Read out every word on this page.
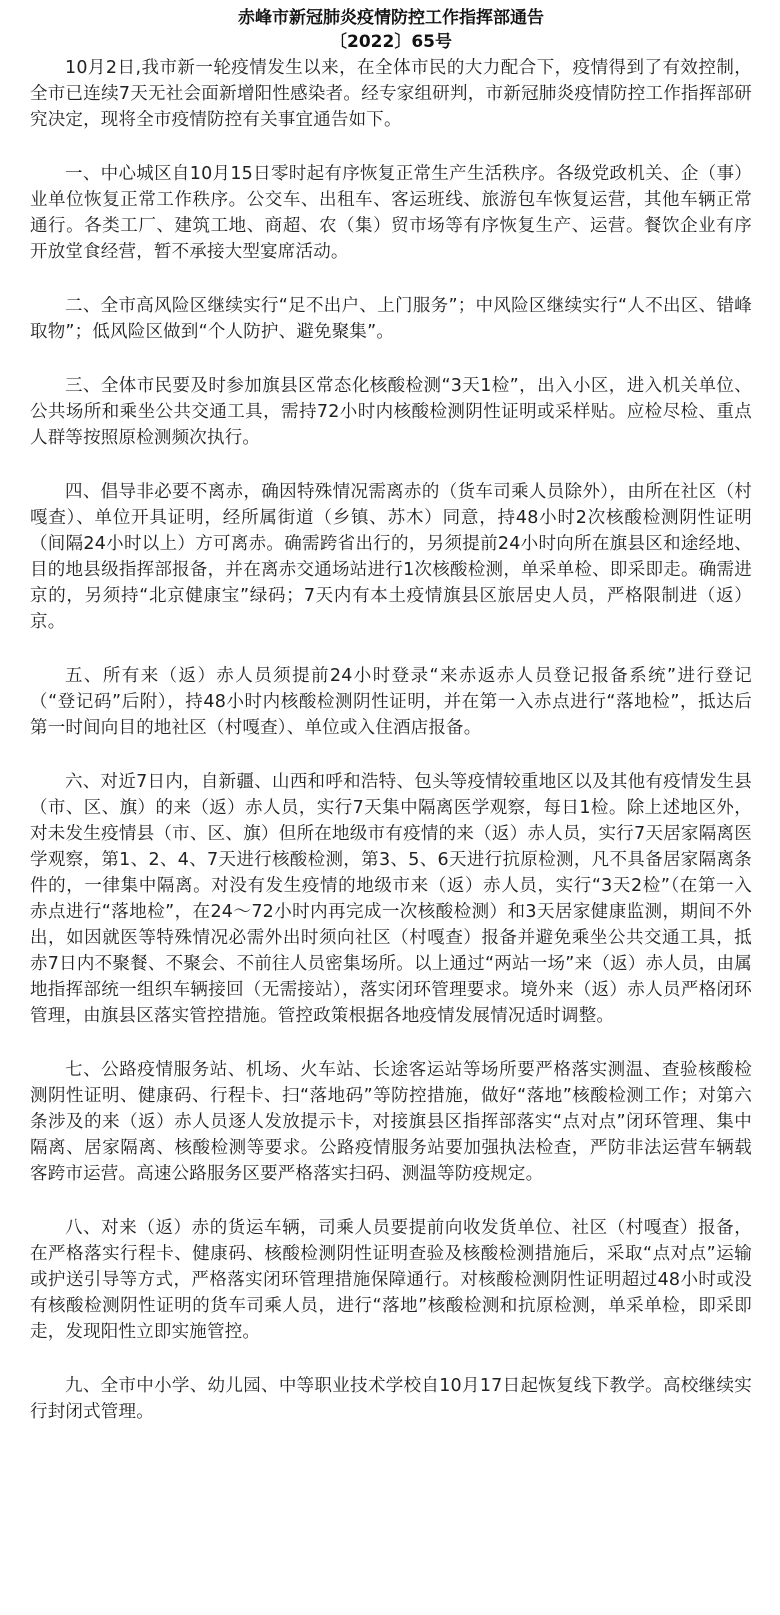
赤峰市新冠肺炎疫情防控工作指挥部通告
〔2022〕65号

10月2日,我市新一轮疫情发生以来，在全体市民的大力配合下，疫情得到了有效控制，全市已连续7天无社会面新增阳性感染者。经专家组研判，市新冠肺炎疫情防控工作指挥部研究决定，现将全市疫情防控有关事宜通告如下。

一、中心城区自10月15日零时起有序恢复正常生产生活秩序。各级党政机关、企（事）业单位恢复正常工作秩序。公交车、出租车、客运班线、旅游包车恢复运营，其他车辆正常通行。各类工厂、建筑工地、商超、农（集）贸市场等有序恢复生产、运营。餐饮企业有序开放堂食经营，暂不承接大型宴席活动。

二、全市高风险区继续实行“足不出户、上门服务”；中风险区继续实行“人不出区、错峰取物”；低风险区做到“个人防护、避免聚集”。

三、全体市民要及时参加旗县区常态化核酸检测“3天1检”，出入小区，进入机关单位、公共场所和乘坐公共交通工具，需持72小时内核酸检测阴性证明或采样贴。应检尽检、重点人群等按照原检测频次执行。

四、倡导非必要不离赤，确因特殊情况需离赤的（货车司乘人员除外），由所在社区（村嘎查）、单位开具证明，经所属街道（乡镇、苏木）同意，持48小时2次核酸检测阴性证明（间隔24小时以上）方可离赤。确需跨省出行的，另须提前24小时向所在旗县区和途经地、目的地县级指挥部报备，并在离赤交通场站进行1次核酸检测，单采单检、即采即走。确需进京的，另须持“北京健康宝”绿码；7天内有本土疫情旗县区旅居史人员，严格限制进（返）京。

五、所有来（返）赤人员须提前24小时登录“来赤返赤人员登记报备系统”进行登记（“登记码”后附），持48小时内核酸检测阴性证明，并在第一入赤点进行“落地检”，抵达后第一时间向目的地社区（村嘎查）、单位或入住酒店报备。

六、对近7日内，自新疆、山西和呼和浩特、包头等疫情较重地区以及其他有疫情发生县（市、区、旗）的来（返）赤人员，实行7天集中隔离医学观察，每日1检。除上述地区外，对未发生疫情县（市、区、旗）但所在地级市有疫情的来（返）赤人员，实行7天居家隔离医学观察，第1、2、4、7天进行核酸检测，第3、5、6天进行抗原检测，凡不具备居家隔离条件的，一律集中隔离。对没有发生疫情的地级市来（返）赤人员，实行“3天2检”（在第一入赤点进行“落地检”，在24～72小时内再完成一次核酸检测）和3天居家健康监测，期间不外出，如因就医等特殊情况必需外出时须向社区（村嘎查）报备并避免乘坐公共交通工具，抵赤7日内不聚餐、不聚会、不前往人员密集场所。以上通过“两站一场”来（返）赤人员，由属地指挥部统一组织车辆接回（无需接站），落实闭环管理要求。境外来（返）赤人员严格闭环管理，由旗县区落实管控措施。管控政策根据各地疫情发展情况适时调整。

七、公路疫情服务站、机场、火车站、长途客运站等场所要严格落实测温、查验核酸检测阴性证明、健康码、行程卡、扫“落地码”等防控措施，做好“落地”核酸检测工作；对第六条涉及的来（返）赤人员逐人发放提示卡，对接旗县区指挥部落实“点对点”闭环管理、集中隔离、居家隔离、核酸检测等要求。公路疫情服务站要加强执法检查，严防非法运营车辆载客跨市运营。高速公路服务区要严格落实扫码、测温等防疫规定。

八、对来（返）赤的货运车辆，司乘人员要提前向收发货单位、社区（村嘎查）报备，在严格落实行程卡、健康码、核酸检测阴性证明查验及核酸检测措施后，采取“点对点”运输或护送引导等方式，严格落实闭环管理措施保障通行。对核酸检测阴性证明超过48小时或没有核酸检测阴性证明的货车司乘人员，进行“落地”核酸检测和抗原检测，单采单检，即采即走，发现阳性立即实施管控。

九、全市中小学、幼儿园、中等职业技术学校自10月17日起恢复线下教学。高校继续实行封闭式管理。
